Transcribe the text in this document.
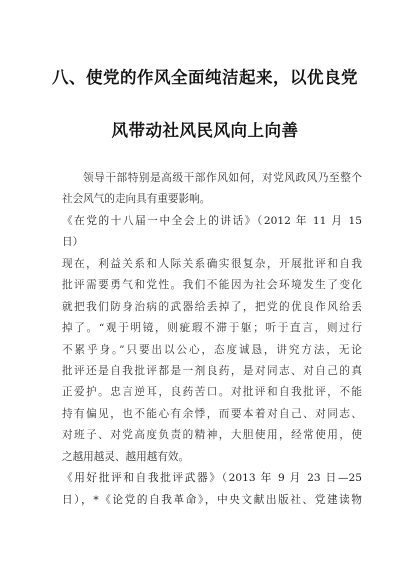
八、使党的作风全面纯洁起来，以优良党
风带动社风民风向上向善
领导干部特别是高级干部作风如何，对党风政风乃至整个
社会风气的走向具有重要影响。
《在党的十八届一中全会上的讲话》（2012 年 11 月 15
日）
现在，利益关系和人际关系确实很复杂，开展批评和自我
批评需要勇气和党性。我们不能因为社会环境发生了变化
就把我们防身治病的武器给丢掉了，把党的优良作风给丢
掉了。“观于明镜，则疵瑕不滞于躯；听于直言，则过行
不累乎身。”只要出以公心，态度诚恳，讲究方法，无论
批评还是自我批评都是一剂良药，是对同志、对自己的真
正爱护。忠言逆耳，良药苦口。对批评和自我批评，不能
持有偏见，也不能心有余悸，而要本着对自己、对同志、
对班子、对党高度负责的精神，大胆使用，经常使用，使
之越用越灵、越用越有效。
《用好批评和自我批评武器》（2013 年 9 月 23 日—25
日），*《论党的自我革命》，中央文献出版社、党建读物
